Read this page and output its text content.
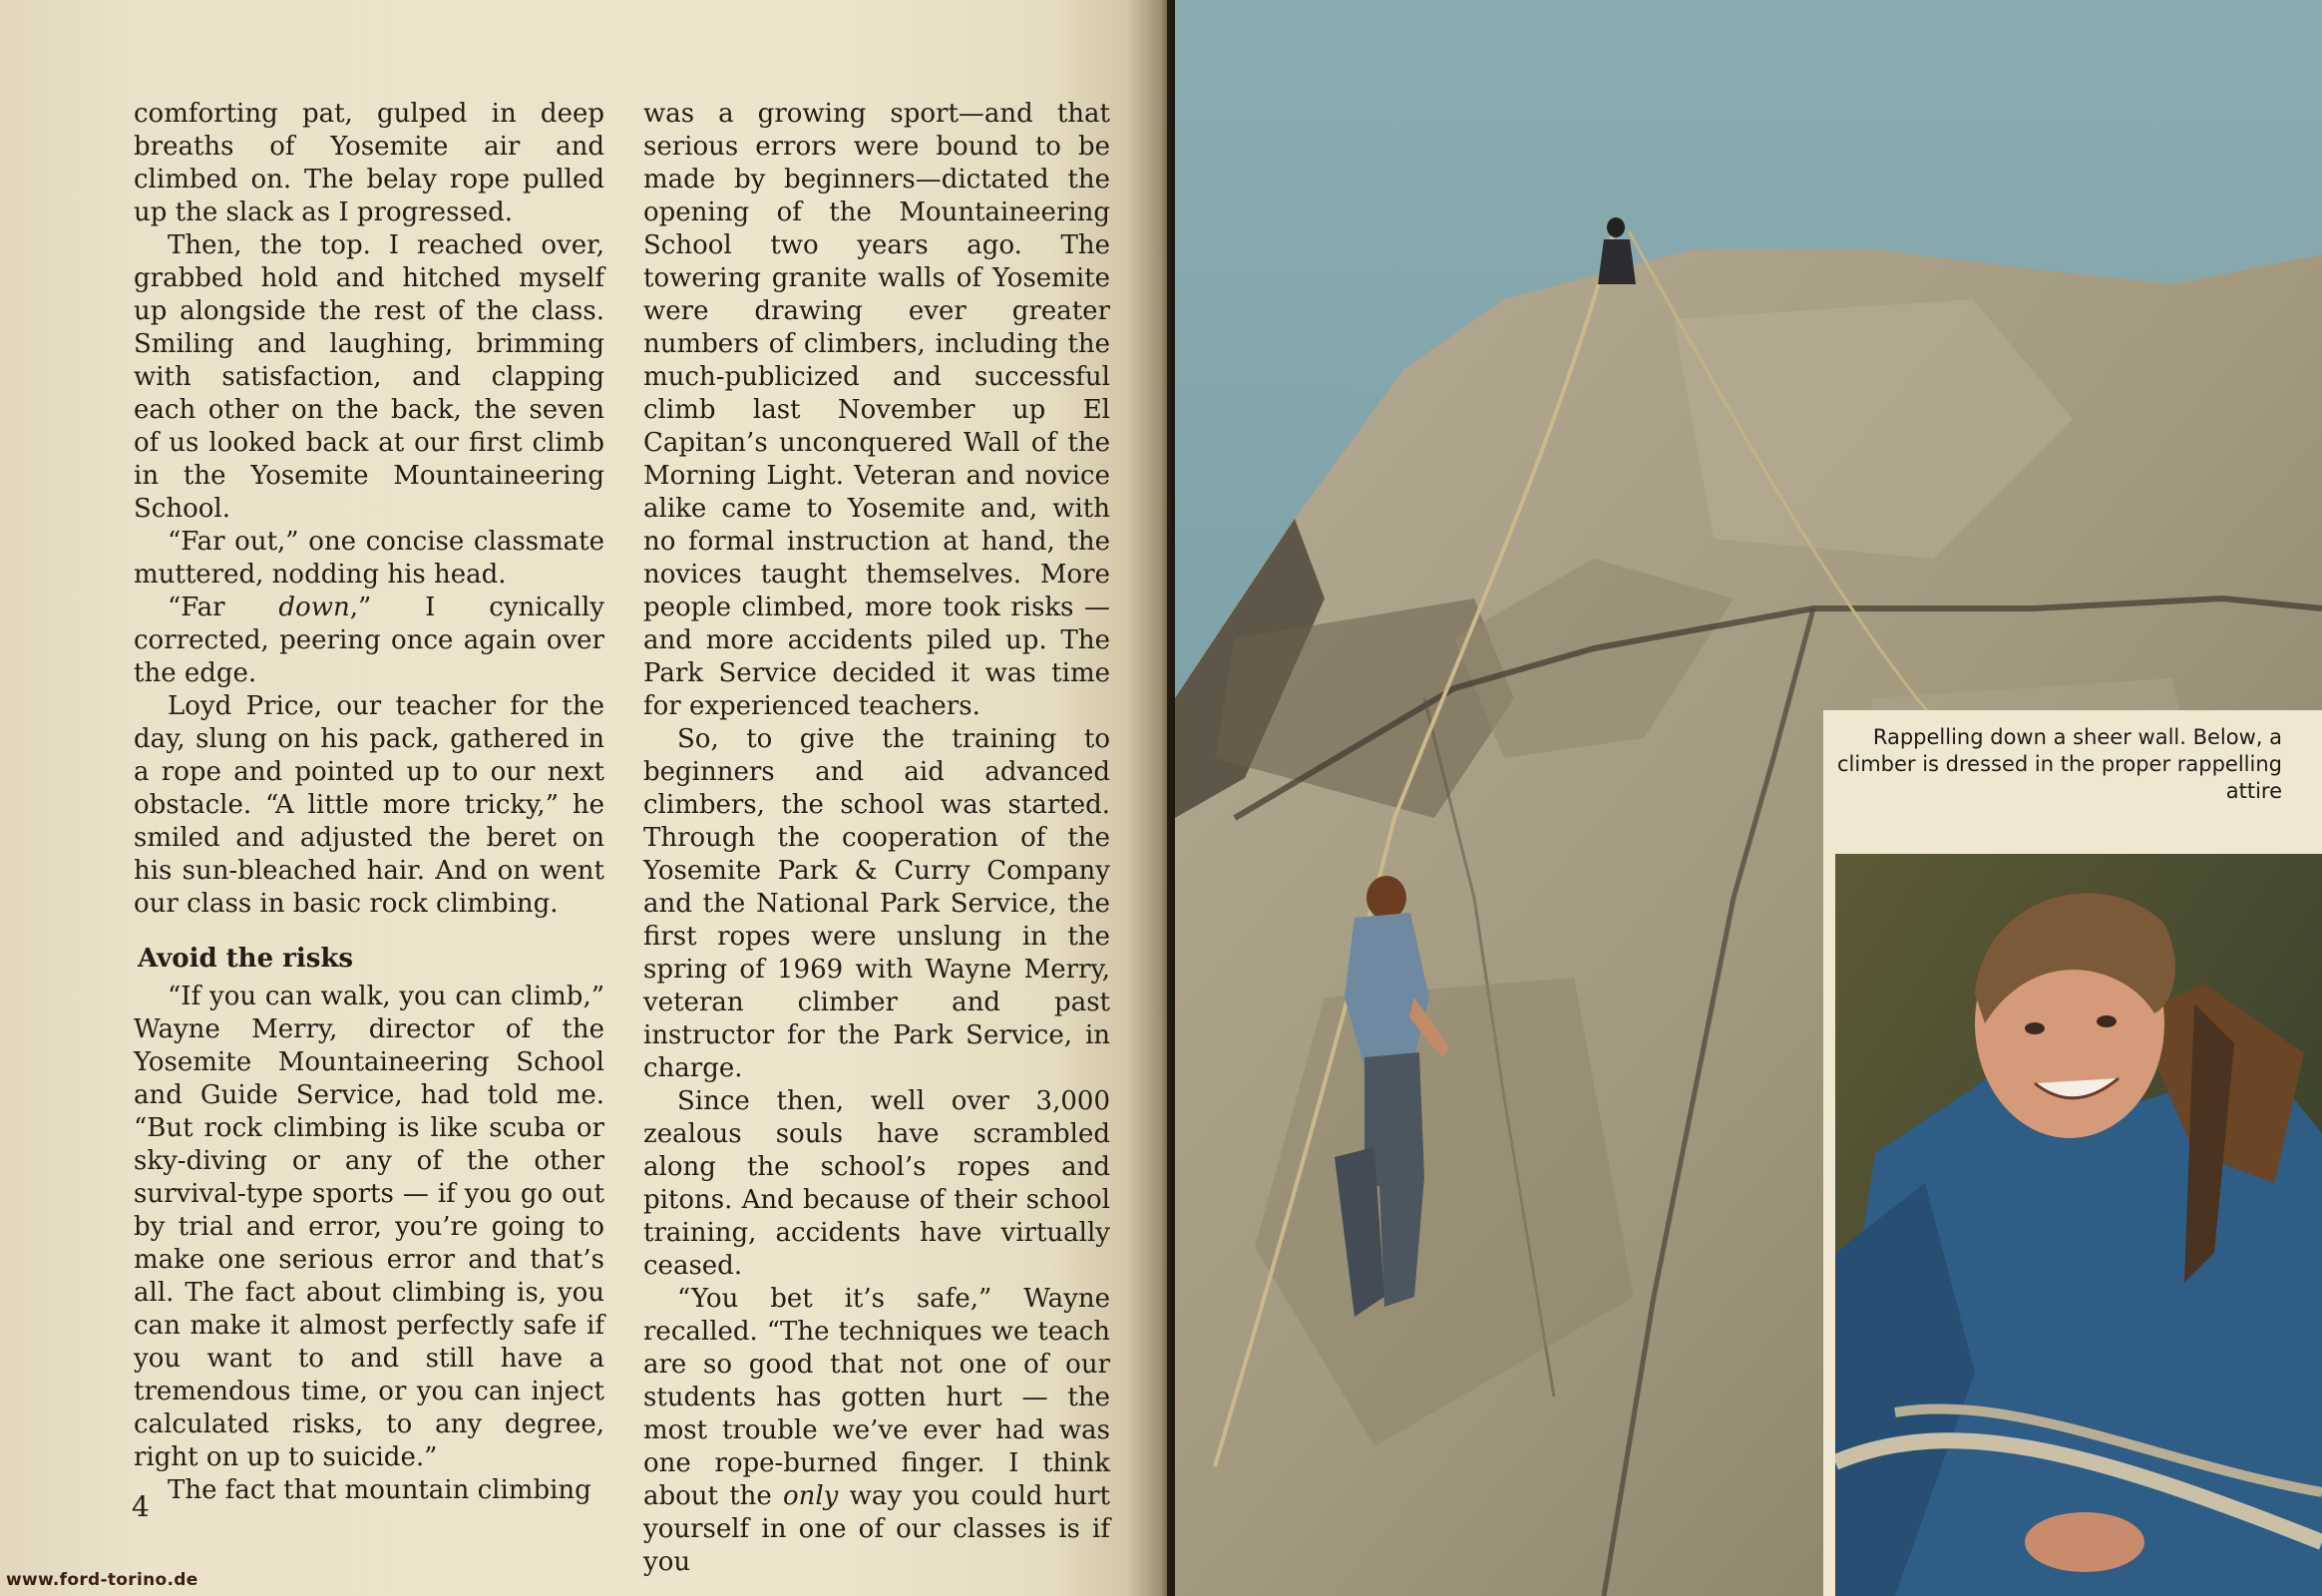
comforting pat, gulped in deep breaths of Yosemite air and climbed on. The belay rope pulled up the slack as I progressed.

Then, the top. I reached over, grabbed hold and hitched myself up alongside the rest of the class. Smiling and laughing, brimming with satisfaction, and clapping each other on the back, the seven of us looked back at our first climb in the Yosemite Mountaineering School.

“Far out,” one concise classmate muttered, nodding his head.

“Far down,” I cynically corrected, peering once again over the edge.

Loyd Price, our teacher for the day, slung on his pack, gathered in a rope and pointed up to our next obstacle. “A little more tricky,” he smiled and adjusted the beret on his sun-bleached hair. And on went our class in basic rock climbing.

Avoid the risks

“If you can walk, you can climb,” Wayne Merry, director of the Yosemite Mountaineering School and Guide Service, had told me. “But rock climbing is like scuba or sky-diving or any of the other survival-type sports — if you go out by trial and error, you’re going to make one serious error and that’s all. The fact about climbing is, you can make it almost perfectly safe if you want to and still have a tremendous time, or you can inject calculated risks, to any degree, right on up to suicide.”

The fact that mountain climbing

was a growing sport—and that serious errors were bound to be made by beginners—dictated the opening of the Mountaineering School two years ago. The towering granite walls of Yosemite were drawing ever greater numbers of climbers, including the much-publicized and successful climb last November up El Capitan’s unconquered Wall of the Morning Light. Veteran and novice alike came to Yosemite and, with no formal instruction at hand, the novices taught themselves. More people climbed, more took risks — and more accidents piled up. The Park Service decided it was time for experienced teachers.

So, to give the training to beginners and aid advanced climbers, the school was started. Through the cooperation of the Yosemite Park & Curry Company and the National Park Service, the first ropes were unslung in the spring of 1969 with Wayne Merry, veteran climber and past instructor for the Park Service, in charge.

Since then, well over 3,000 zealous souls have scrambled along the school’s ropes and pitons. And because of their school training, accidents have virtually ceased.

“You bet it’s safe,” Wayne recalled. “The techniques we teach are so good that not one of our students has gotten hurt — the most trouble we’ve ever had was one rope-burned finger. I think about the only way you could hurt yourself in one of our classes is if you

4
www.ford-torino.de
Rappelling down a sheer wall. Below, a climber is dressed in the proper rappelling attire
